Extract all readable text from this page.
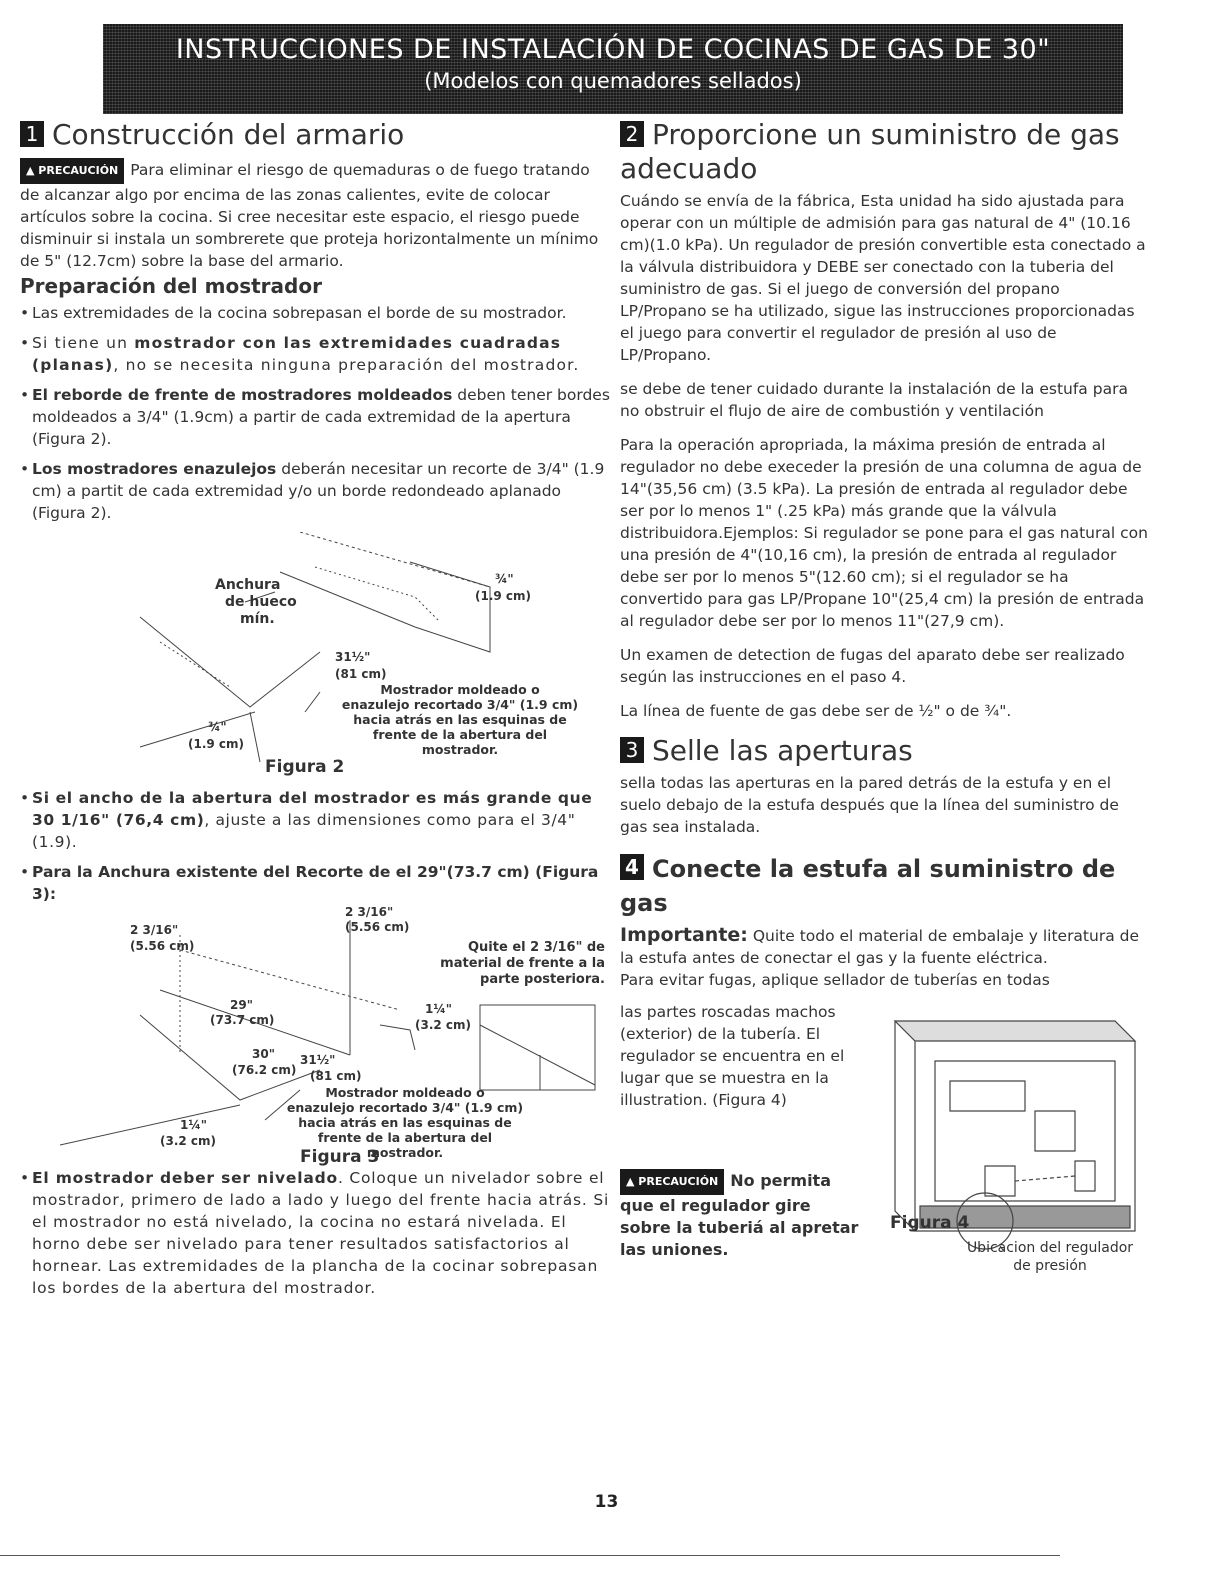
INSTRUCCIONES DE INSTALACIÓN DE COCINAS DE GAS DE 30"
(Modelos con quemadores sellados)
1 Construcción del armario
▲ PRECAUCIÓN Para eliminar el riesgo de quemaduras o de fuego tratando de alcanzar algo por encima de las zonas calientes, evite de colocar artículos sobre la cocina. Si cree necesitar este espacio, el riesgo puede disminuir si instala un sombrerete que proteja horizontalmente un mínimo de 5" (12.7cm) sobre la base del armario.
Preparación del mostrador
• Las extremidades de la cocina sobrepasan el borde de su mostrador.
• Si tiene un mostrador con las extremidades cuadradas (planas), no se necesita ninguna preparación del mostrador.
• El reborde de frente de mostradores moldeados deben tener bordes moldeados a 3/4" (1.9cm) a partir de cada extremidad de la apertura (Figura 2).
• Los mostradores enazulejos deberán necesitar un recorte de 3/4" (1.9 cm) a partit de cada extremidad y/o un borde redondeado aplanado (Figura 2).
Anchura
de hueco
mín.
¾"
(1.9 cm)
31½"
(81 cm)
¾"
(1.9 cm)
Mostrador moldeado o
enazulejo recortado 3/4" (1.9 cm)
hacia atrás en las esquinas de
frente de la abertura del
mostrador.
Figura 2
• Si el ancho de la abertura del mostrador es más grande que 30 1/16" (76,4 cm), ajuste a las dimensiones como para el 3/4" (1.9).
• Para la Anchura existente del Recorte de el 29"(73.7 cm) (Figura 3):
2 3/16"
(5.56 cm)
2 3/16"
(5.56 cm)	Quite el 2 3/16" de
material de frente a la
parte posteriora.
29"
(73.7 cm)
1¼"
(3.2 cm)
30"
(76.2 cm)
31½"
(81 cm)
Mostrador moldeado o
enazulejo recortado 3/4" (1.9 cm)
hacia atrás en las esquinas de
frente de la abertura del
mostrador.
1¼"
(3.2 cm)
Figura 3
• El mostrador deber ser nivelado. Coloque un nivelador sobre el mostrador, primero de lado a lado y luego del frente hacia atrás. Si el mostrador no está nivelado, la cocina no estará nivelada. El horno debe ser nivelado para tener resultados satisfactorios al hornear. Las extremidades de la plancha de la cocinar sobrepasan los bordes de la abertura del mostrador.
2 Proporcione un suministro de gas adecuado

Cuándo se envía de la fábrica, Esta unidad ha sido ajustada para operar con un múltiple de admisión para gas natural de 4" (10.16 cm)(1.0 kPa). Un regulador de presión convertible esta conectado a la válvula distribuidora y DEBE ser conectado con la tuberia del suministro de gas. Si el juego de conversión del propano LP/Propano se ha utilizado, sigue las instrucciones proporcionadas el juego para convertir el regulador de presión al uso de LP/Propano.

se debe de tener cuidado durante la instalación de la estufa para no obstruir el flujo de aire de combustión y ventilación

Para la operación apropriada, la máxima presión de entrada al regulador no debe execeder la presión de una columna de agua de 14"(35,56 cm) (3.5 kPa). La presión de entrada al regulador debe ser por lo menos 1" (.25 kPa) más grande que la válvula distribuidora.Ejemplos: Si regulador se pone para el gas natural con una presión de 4"(10,16 cm), la presión de entrada al regulador debe ser por lo menos 5"(12.60 cm); si el regulador se ha convertido para gas LP/Propane 10"(25,4 cm) la presión de entrada al regulador debe ser por lo menos 11"(27,9 cm).

Un examen de detection de fugas del aparato debe ser realizado según las instrucciones en el paso 4.

La línea de fuente de gas debe ser de ½" o de ¾".

3 Selle las aperturas

sella todas las aperturas en la pared detrás de la estufa y en el suelo debajo de la estufa después que la línea del suministro de gas sea instalada.

4 Conecte la estufa al suministro de gas
Importante: Quite todo el material de embalaje y literatura de la estufa antes de conectar el gas y la fuente eléctrica.
Para evitar fugas, aplique sellador de tuberías en todas
las partes roscadas machos (exterior) de la tubería. El regulador se encuentra en el lugar que se muestra en la illustration. (Figura 4)
▲ PRECAUCIÓN No permita que el regulador gire sobre la tuberiá al apretar las uniones.
Figura 4
Ubicacion del regulador
de presión
13
